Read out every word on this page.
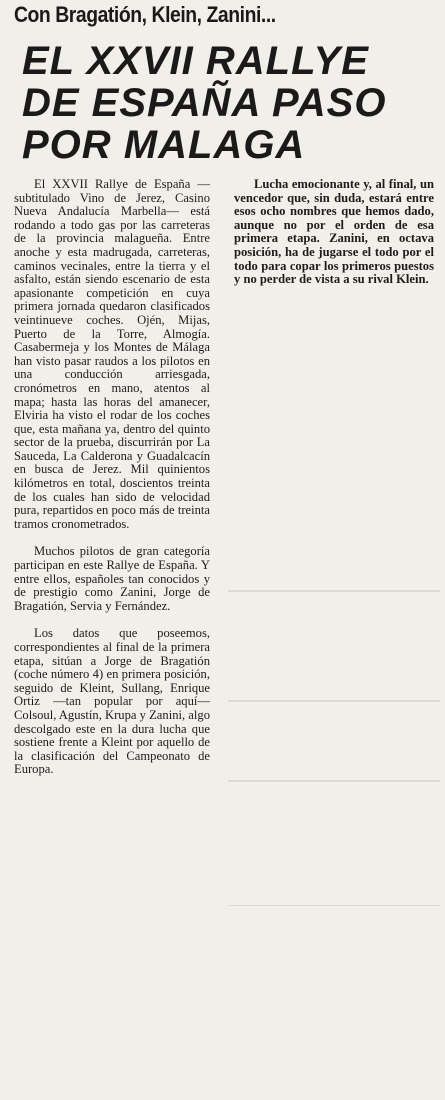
Con Bragatión, Klein, Zanini...
EL XXVII RALLYE
DE ESPAÑA PASO
POR MALAGA

El XXVII Rallye de España —subtitulado Vino de Jerez, Casino Nueva Andalucía Marbella— está rodando a todo gas por las carreteras de la provincia malagueña. Entre anoche y esta madrugada, carreteras, caminos vecinales, entre la tierra y el asfalto, están siendo escenario de esta apasionante competición en cuya primera jornada quedaron clasificados veintinueve coches. Ojén, Mijas, Puerto de la Torre, Almogía. Casabermeja y los Montes de Málaga han visto pasar raudos a los pilotos en una conducción arriesgada, cronómetros en mano, atentos al mapa; hasta las horas del amanecer, Elviria ha visto el rodar de los coches que, esta mañana ya, dentro del quinto sector de la prueba, discurrirán por La Sauceda, La Calderona y Guadalcacín en busca de Jerez. Mil quinientos kilómetros en total, doscientos treinta de los cuales han sido de velocidad pura, repartidos en poco más de treinta tramos cronometrados.

Muchos pilotos de gran categoría participan en este Rallye de España. Y entre ellos, españoles tan conocidos y de prestigio como Zanini, Jorge de Bragatión, Servia y Fernández.

Los datos que poseemos, correspondientes al final de la primera etapa, sitúan a Jorge de Bragatión (coche número 4) en primera posición, seguido de Kleint, Sullang, Enrique Ortiz —tan popular por aquí— Colsoul, Agustín, Krupa y Zanini, algo descolgado este en la dura lucha que sostiene frente a Kleint por aquello de la clasificación del Campeonato de Europa.

Lucha emocionante y, al final, un vencedor que, sin duda, estará entre esos ocho nombres que hemos dado, aunque no por el orden de esa primera etapa. Zanini, en octava posición, ha de jugarse el todo por el todo para copar los primeros puestos y no perder de vista a su rival Klein.
